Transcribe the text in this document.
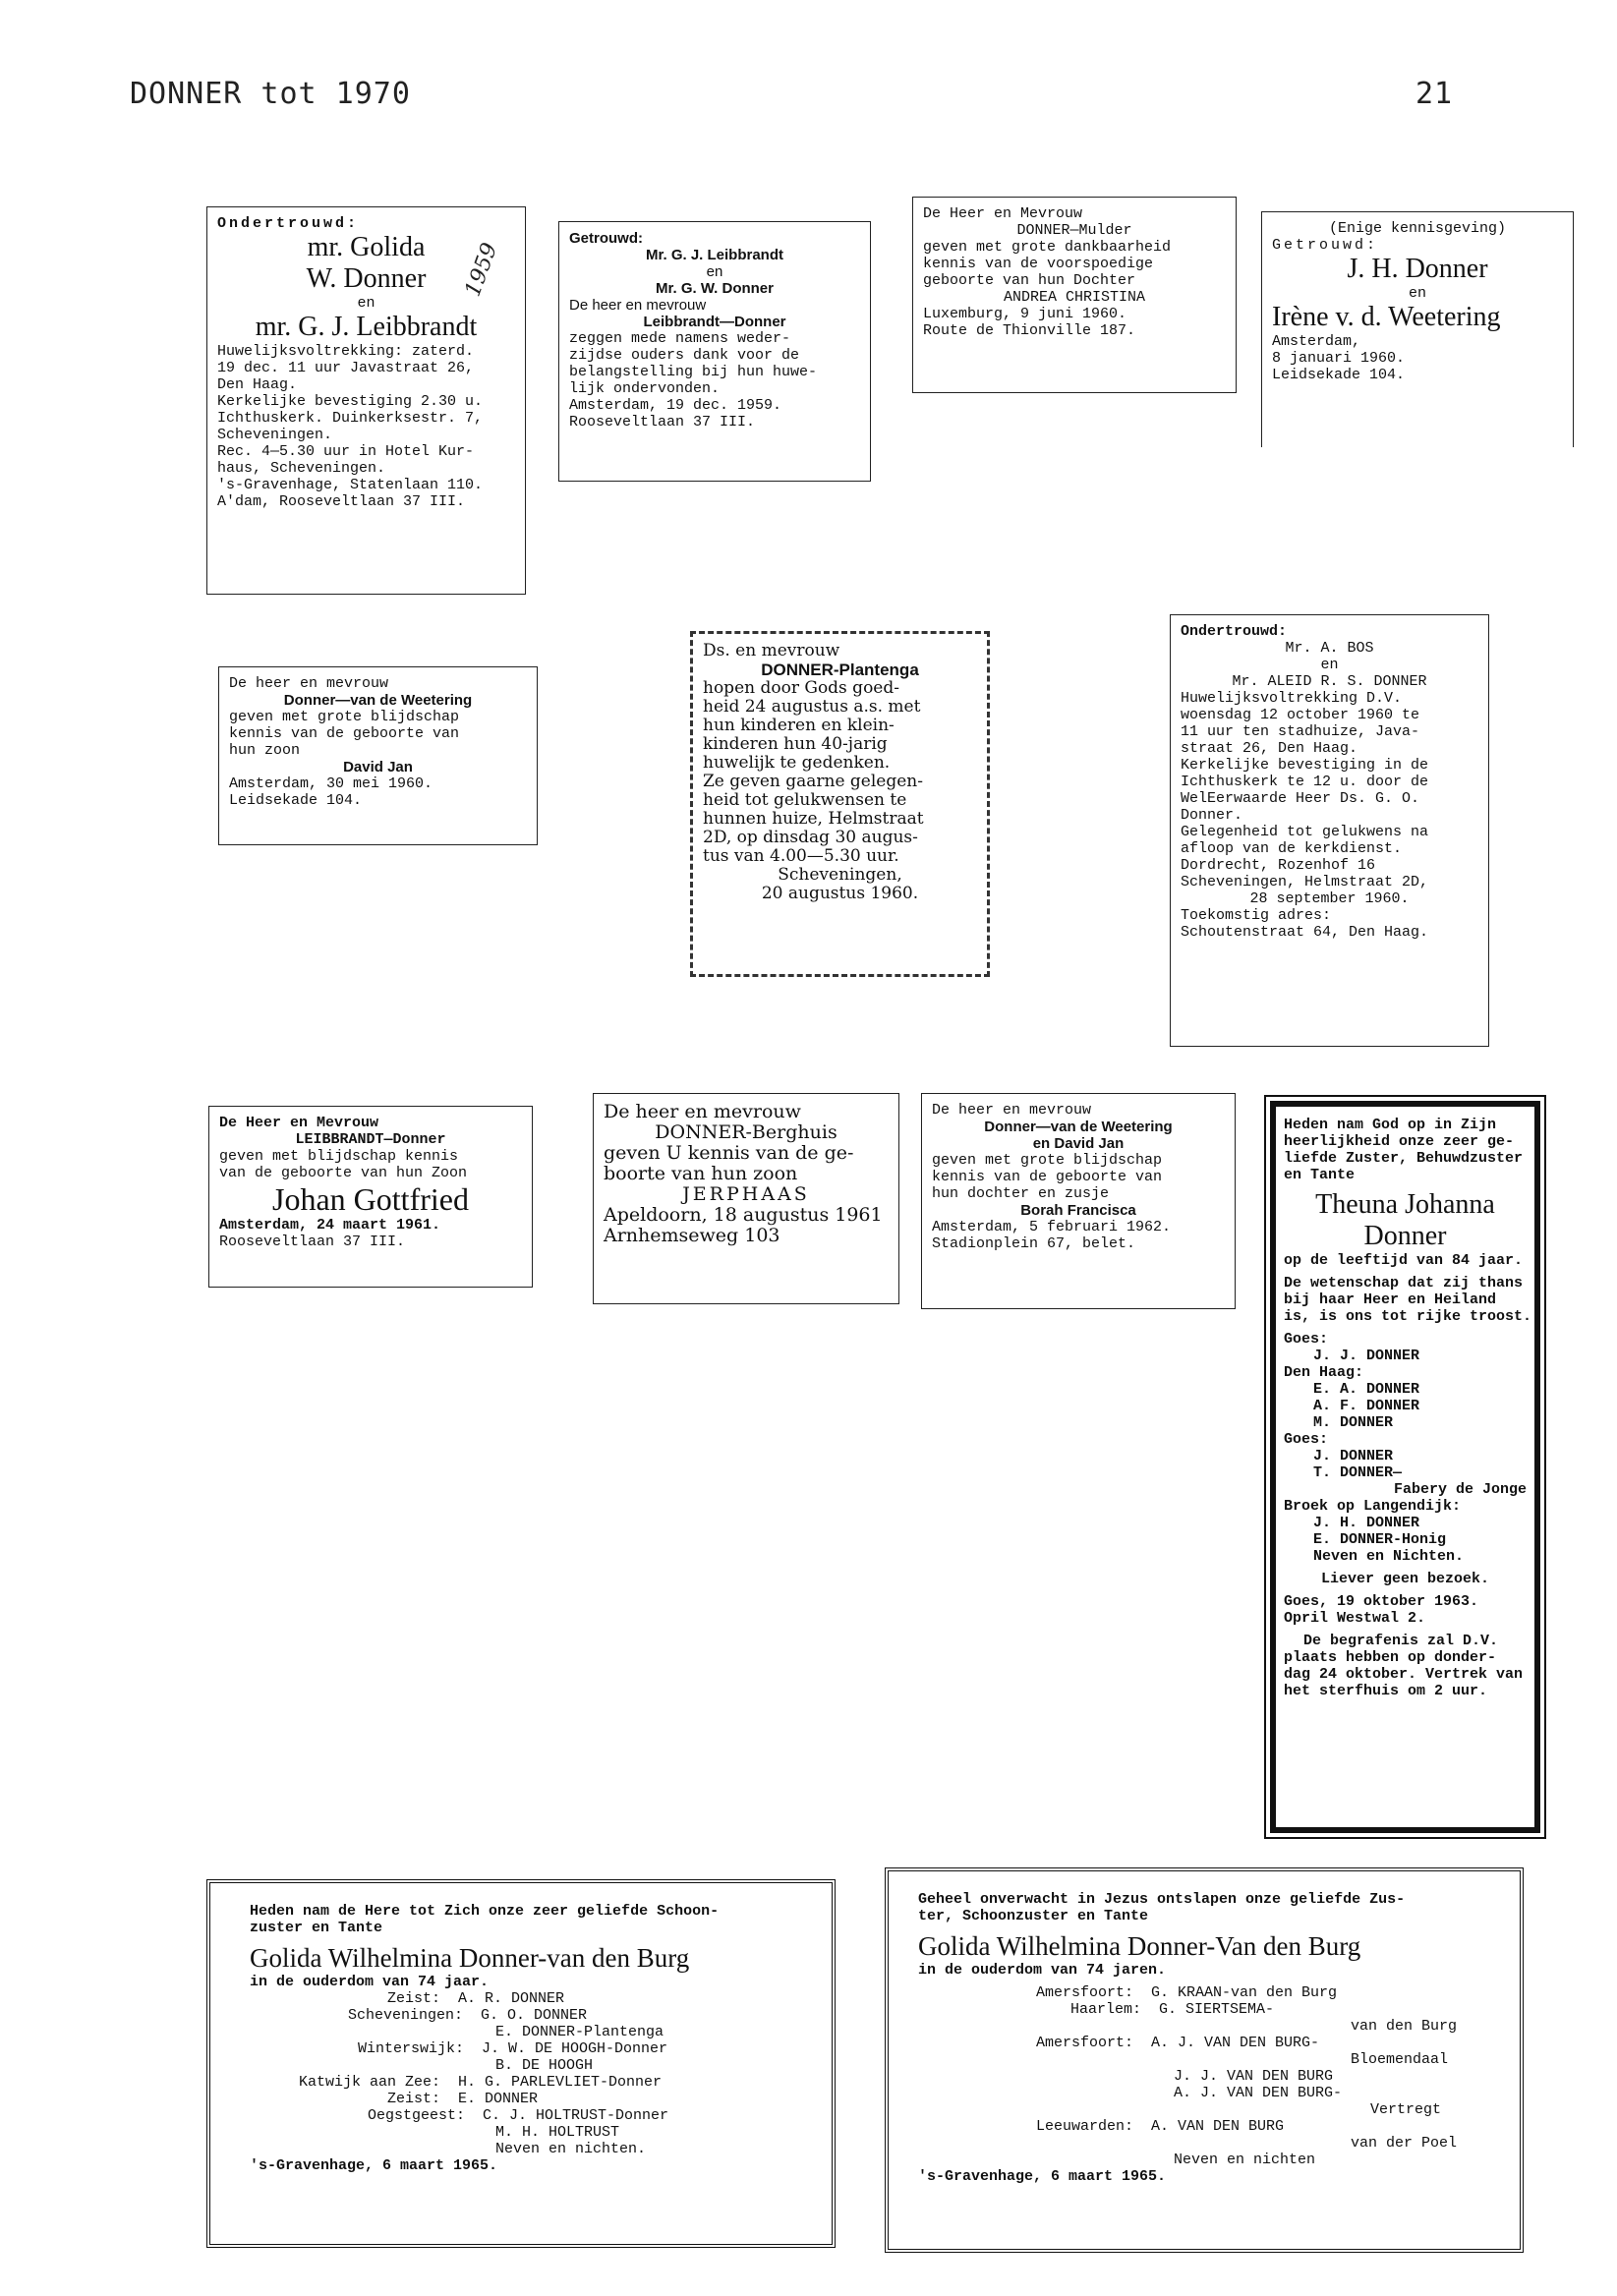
DONNER tot 1970	21
Ondertrouwd:
mr. Golida
W. Donner
en
mr. G. J. Leibbrandt
Huwelijksvoltrekking: zaterd.
19 dec. 11 uur Javastraat 26,
Den Haag.
Kerkelijke bevestiging 2.30 u.
Ichthuskerk. Duinkerksestr. 7,
Scheveningen.
Rec. 4—5.30 uur in Hotel Kur-
haus, Scheveningen.
's-Gravenhage, Statenlaan 110.
A'dam, Rooseveltlaan 37 III.
1959
Getrouwd:
Mr. G. J. Leibbrandt
en
Mr. G. W. Donner
De heer en mevrouw
Leibbrandt—Donner
zeggen mede namens weder-
zijdse ouders dank voor de
belangstelling bij hun huwe-
lijk ondervonden.
Amsterdam, 19 dec. 1959.
Rooseveltlaan 37 III.
De Heer en Mevrouw
DONNER—Mulder
geven met grote dankbaarheid
kennis van de voorspoedige
geboorte van hun Dochter
ANDREA CHRISTINA
Luxemburg, 9 juni 1960.
Route de Thionville 187.
(Enige kennisgeving)
Getrouwd:
J. H. Donner
en
Irène v. d. Weetering
Amsterdam,
8 januari 1960.
Leidsekade 104.
De heer en mevrouw
Donner—van de Weetering
geven met grote blijdschap
kennis van de geboorte van
hun zoon
David Jan
Amsterdam, 30 mei 1960.
Leidsekade 104.
Ds. en mevrouw
DONNER-Plantenga
hopen door Gods goed-
heid 24 augustus a.s. met
hun kinderen en klein-
kinderen hun 40-jarig
huwelijk te gedenken.
Ze geven gaarne gelegen-
heid tot gelukwensen te
hunnen huize, Helmstraat
2D, op dinsdag 30 augus-
tus van 4.00—5.30 uur.
Scheveningen,
20 augustus 1960.
Ondertrouwd:
Mr. A. BOS
en
Mr. ALEID R. S. DONNER
Huwelijksvoltrekking D.V.
woensdag 12 october 1960 te
11 uur ten stadhuize, Java-
straat 26, Den Haag.
Kerkelijke bevestiging in de
Ichthuskerk te 12 u. door de
WelEerwaarde Heer Ds. G. O.
Donner.
Gelegenheid tot gelukwens na
afloop van de kerkdienst.
Dordrecht, Rozenhof 16
Scheveningen, Helmstraat 2D,
28 september 1960.
Toekomstig adres:
Schoutenstraat 64, Den Haag.
De Heer en Mevrouw
LEIBBRANDT—Donner
geven met blijdschap kennis
van de geboorte van hun Zoon
Johan Gottfried
Amsterdam, 24 maart 1961.
Rooseveltlaan 37 III.
De heer en mevrouw
DONNER-Berghuis
geven U kennis van de ge-
boorte van hun zoon
JERPHAAS
Apeldoorn, 18 augustus 1961
Arnhemseweg 103
De heer en mevrouw
Donner—van de Weetering
en David Jan
geven met grote blijdschap
kennis van de geboorte van
hun dochter en zusje
Borah Francisca
Amsterdam, 5 februari 1962.
Stadionplein 67, belet.
Heden nam God op in Zijn
heerlijkheid onze zeer ge-
liefde Zuster, Behuwdzuster
en Tante
Theuna Johanna
Donner
op de leeftijd van 84 jaar.
De wetenschap dat zij thans
bij haar Heer en Heiland
is, is ons tot rijke troost.
Goes:
J. J. DONNER
Den Haag:
E. A. DONNER
A. F. DONNER
M. DONNER
Goes:
J. DONNER
T. DONNER—
Fabery de Jonge
Broek op Langendijk:
J. H. DONNER
E. DONNER-Honig
Neven en Nichten.
Liever geen bezoek.
Goes, 19 oktober 1963.
Opril Westwal 2.
De begrafenis zal D.V.
plaats hebben op donder-
dag 24 oktober. Vertrek van
het sterfhuis om 2 uur.
Heden nam de Here tot Zich onze zeer geliefde Schoon-
zuster en Tante
Golida Wilhelmina Donner-van den Burg
in de ouderdom van 74 jaar.
Zeist:  A. R. DONNER
Scheveningen:  G. O. DONNER
E. DONNER-Plantenga
Winterswijk:  J. W. DE HOOGH-Donner
B. DE HOOGH
Katwijk aan Zee:  H. G. PARLEVLIET-Donner
Zeist:  E. DONNER
Oegstgeest:  C. J. HOLTRUST-Donner
M. H. HOLTRUST
Neven en nichten.
's-Gravenhage, 6 maart 1965.
Geheel onverwacht in Jezus ontslapen onze geliefde Zus-
ter, Schoonzuster en Tante
Golida Wilhelmina Donner-Van den Burg
in de ouderdom van 74 jaren.
Amersfoort:  G. KRAAN-van den Burg
Haarlem:  G. SIERTSEMA-
van den Burg
Amersfoort:  A. J. VAN DEN BURG-
Bloemendaal
J. J. VAN DEN BURG
A. J. VAN DEN BURG-
Vertregt
Leeuwarden:  A. VAN DEN BURG
van der Poel
Neven en nichten
's-Gravenhage, 6 maart 1965.
